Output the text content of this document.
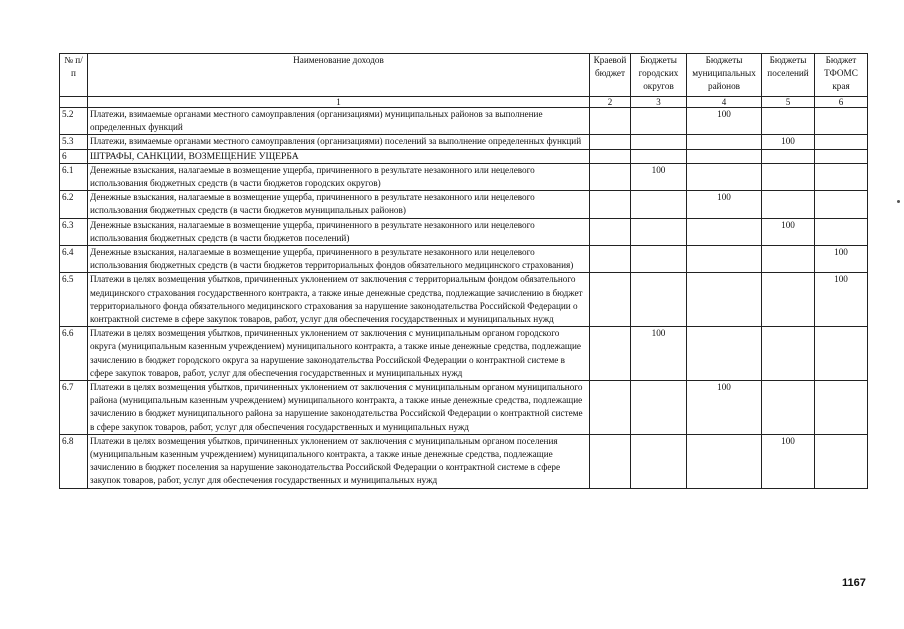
№ п/п	Наименование доходов	Краевой бюджет	Бюджеты городских округов	Бюджеты муниципальных районов	Бюджеты поселений	Бюджет ТФОМС края
	1	2	3	4	5	6
5.2	Платежи, взимаемые органами местного самоуправления (организациями) муниципальных районов за выполнение определенных функций			100		
5.3	Платежи, взимаемые органами местного самоуправления (организациями) поселений за выполнение определенных функций				100	
6	ШТРАФЫ, САНКЦИИ, ВОЗМЕЩЕНИЕ УЩЕРБА					
6.1	Денежные взыскания, налагаемые в возмещение ущерба, причиненного в результате незаконного или нецелевого использования бюджетных средств (в части бюджетов городских округов)		100			
6.2	Денежные взыскания, налагаемые в возмещение ущерба, причиненного в результате незаконного или нецелевого использования бюджетных средств (в части бюджетов муниципальных районов)			100		
6.3	Денежные взыскания, налагаемые в возмещение ущерба, причиненного в результате незаконного или нецелевого использования бюджетных средств (в части бюджетов поселений)				100	
6.4	Денежные взыскания, налагаемые в возмещение ущерба, причиненного в результате незаконного или нецелевого использования бюджетных средств (в части бюджетов территориальных фондов обязательного медицинского страхования)					100
6.5	Платежи в целях возмещения убытков, причиненных уклонением от заключения с территориальным фондом обязательного медицинского страхования государственного контракта, а также иные денежные средства, подлежащие зачислению в бюджет территориального фонда обязательного медицинского страхования за нарушение законодательства Российской Федерации о контрактной системе в сфере закупок товаров, работ, услуг для обеспечения государственных и муниципальных нужд					100
6.6	Платежи в целях возмещения убытков, причиненных уклонением от заключения с муниципальным органом городского округа (муниципальным казенным учреждением) муниципального контракта, а также иные денежные средства, подлежащие зачислению в бюджет городского округа за нарушение законодательства Российской Федерации о контрактной системе в сфере закупок товаров, работ, услуг для обеспечения государственных и муниципальных нужд		100			
6.7	Платежи в целях возмещения убытков, причиненных уклонением от заключения с муниципальным органом муниципального района (муниципальным казенным учреждением) муниципального контракта, а также иные денежные средства, подлежащие зачислению в бюджет муниципального района за нарушение законодательства Российской Федерации о контрактной системе в сфере закупок товаров, работ, услуг для обеспечения государственных и муниципальных нужд			100		
6.8	Платежи в целях возмещения убытков, причиненных уклонением от заключения с муниципальным органом поселения (муниципальным казенным учреждением) муниципального контракта, а также иные денежные средства, подлежащие зачислению в бюджет поселения за нарушение законодательства Российской Федерации о контрактной системе в сфере закупок товаров, работ, услуг для обеспечения государственных и муниципальных нужд				100	
1167
